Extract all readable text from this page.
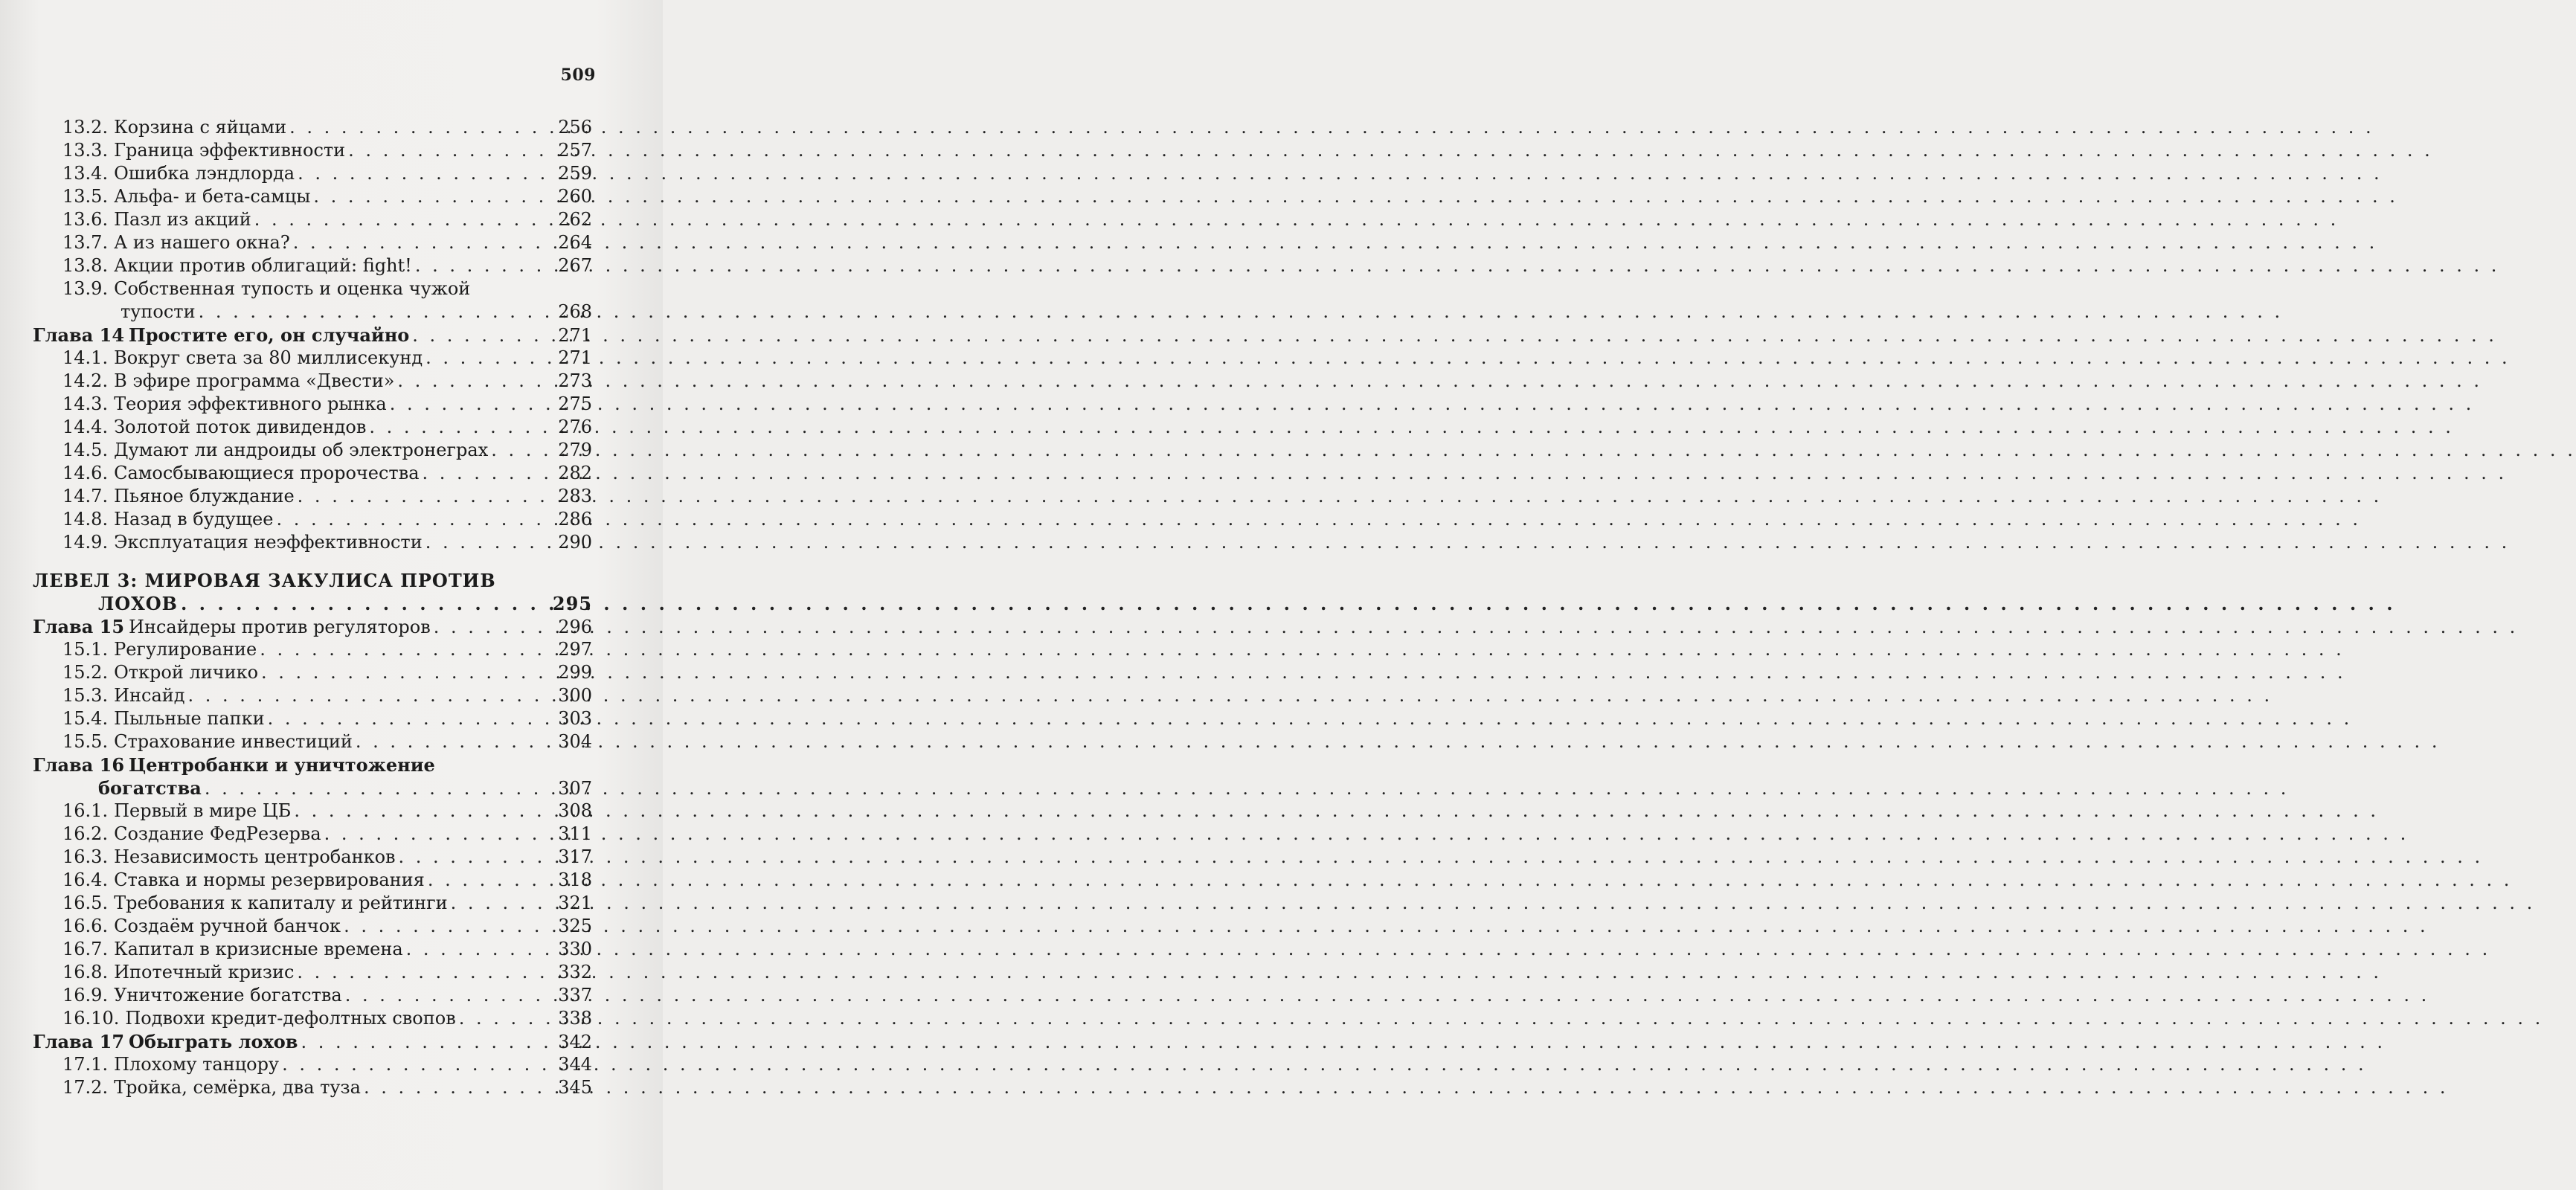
509
13.2. Корзина с яйцами . . .	256
13.3. Граница эффективности . . .	257
13.4. Ошибка лэндлорда . . .	259
13.5. Альфа- и бета-самцы . . .	260
13.6. Пазл из акций . . .	262
13.7. А из нашего окна? . . .	264
13.8. Акции против облигаций: fight! . . .	267
13.9. Собственная тупость и оценка чужой
тупости . . .	268
Глава 14 Простите его, он случайно . . .	271
14.1. Вокруг света за 80 миллисекунд . . .	271
14.2. В эфире программа «Двести» . . .	273
14.3. Теория эффективного рынка . . .	275
14.4. Золотой поток дивидендов . . .	276
14.5. Думают ли андроиды об электронеграх . . .	279
14.6. Самосбывающиеся пророчества . . .	282
14.7. Пьяное блуждание . . .	283
14.8. Назад в будущее . . .	286
14.9. Эксплуатация неэффективности . . .	290
ЛЕВЕЛ 3: МИРОВАЯ ЗАКУЛИСА ПРОТИВ
ЛОХОВ . . .	295
Глава 15 Инсайдеры против регуляторов . . .	296
15.1. Регулирование . . .	297
15.2. Открой личико . . .	299
15.3. Инсайд . . .	300
15.4. Пыльные папки . . .	303
15.5. Страхование инвестиций . . .	304
Глава 16 Центробанки и уничтожение
богатства . . .	307
16.1. Первый в мире ЦБ . . .	308
16.2. Создание ФедРезерва . . .	311
16.3. Независимость центробанков . . .	317
16.4. Ставка и нормы резервирования . . .	318
16.5. Требования к капиталу и рейтинги . . .	321
16.6. Создаём ручной банчок . . .	325
16.7. Капитал в кризисные времена . . .	330
16.8. Ипотечный кризис . . .	332
16.9. Уничтожение богатства . . .	337
16.10. Подвохи кредит-дефолтных свопов . . .	338
Глава 17 Обыграть лохов . . .	342
17.1. Плохому танцору . . .	344
17.2. Тройка, семёрка, два туза . . .	345
